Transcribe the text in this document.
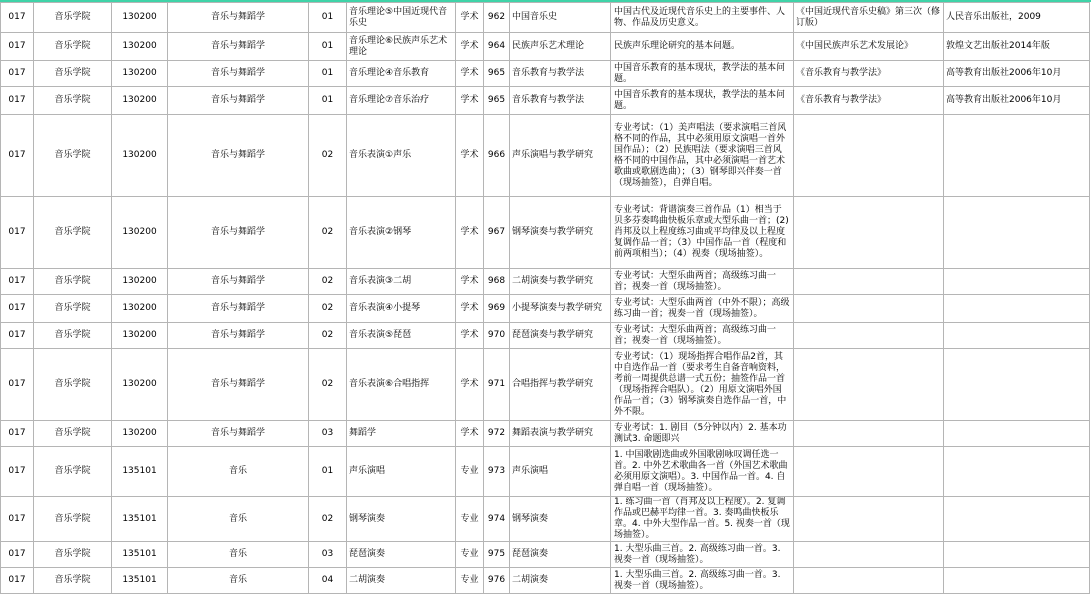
017	音乐学院	130200	音乐与舞蹈学	01	音乐理论⑤中国近现代音乐史	学术	962	中国音乐史	中国古代及近现代音乐史上的主要事件、人物、作品及历史意义。	《中国近现代音乐史稿》第三次（修订版）	人民音乐出版社，2009
017	音乐学院	130200	音乐与舞蹈学	01	音乐理论⑥民族声乐艺术理论	学术	964	民族声乐艺术理论	民族声乐理论研究的基本问题。	《中国民族声乐艺术发展论》	敦煌文艺出版社2014年版
017	音乐学院	130200	音乐与舞蹈学	01	音乐理论④音乐教育	学术	965	音乐教育与教学法	中国音乐教育的基本现状，教学法的基本问题。	《音乐教育与教学法》	高等教育出版社2006年10月
017	音乐学院	130200	音乐与舞蹈学	01	音乐理论⑦音乐治疗	学术	965	音乐教育与教学法	中国音乐教育的基本现状，教学法的基本问题。	《音乐教育与教学法》	高等教育出版社2006年10月
017	音乐学院	130200	音乐与舞蹈学	02	音乐表演①声乐	学术	966	声乐演唱与教学研究	专业考试：（1）美声唱法（要求演唱三首风格不同的作品，其中必须用原文演唱一首外国作品）；（2）民族唱法（要求演唱三首风格不同的中国作品，其中必须演唱一首艺术歌曲或歌剧选曲）；（3）钢琴即兴伴奏一首（现场抽签），自弹自唱。		
017	音乐学院	130200	音乐与舞蹈学	02	音乐表演②钢琴	学术	967	钢琴演奏与教学研究	专业考试：背谱演奏三首作品（1）相当于贝多芬奏鸣曲快板乐章或大型乐曲一首；(2)肖邦及以上程度练习曲或平均律及以上程度复调作品一首；（3）中国作品一首（程度和前两项相当）；（4）视奏（现场抽签）。		
017	音乐学院	130200	音乐与舞蹈学	02	音乐表演③二胡	学术	968	二胡演奏与教学研究	专业考试：大型乐曲两首；高级练习曲一首；视奏一首（现场抽签）。		
017	音乐学院	130200	音乐与舞蹈学	02	音乐表演④小提琴	学术	969	小提琴演奏与教学研究	专业考试：大型乐曲两首（中外不限）；高级练习曲一首；视奏一首（现场抽签）。		
017	音乐学院	130200	音乐与舞蹈学	02	音乐表演⑤琵琶	学术	970	琵琶演奏与教学研究	专业考试：大型乐曲两首；高级练习曲一首；视奏一首（现场抽签）。		
017	音乐学院	130200	音乐与舞蹈学	02	音乐表演⑥合唱指挥	学术	971	合唱指挥与教学研究	专业考试：（1）现场指挥合唱作品2首，其中自选作品一首（要求考生自备音响资料，考前一周提供总谱一式五份；抽签作品一首（现场指挥合唱队）。（2）用原文演唱外国作品一首；（3）钢琴演奏自选作品一首，中外不限。		
017	音乐学院	130200	音乐与舞蹈学	03	舞蹈学	学术	972	舞蹈表演与教学研究	专业考试：1. 剧目（5分钟以内）2. 基本功测试3. 命题即兴		
017	音乐学院	135101	音乐	01	声乐演唱	专业	973	声乐演唱	1. 中国歌剧选曲或外国歌剧咏叹调任选一首。2. 中外艺术歌曲各一首（外国艺术歌曲必须用原文演唱）。3. 中国作品一首。4. 自弹自唱一首（现场抽签）。		
017	音乐学院	135101	音乐	02	钢琴演奏	专业	974	钢琴演奏	1. 练习曲一首（肖邦及以上程度）。2. 复调作品或巴赫平均律一首。3. 奏鸣曲快板乐章。4. 中外大型作品一首。5. 视奏一首（现场抽签）。		
017	音乐学院	135101	音乐	03	琵琶演奏	专业	975	琵琶演奏	1. 大型乐曲三首。2. 高级练习曲一首。3. 视奏一首（现场抽签）。		
017	音乐学院	135101	音乐	04	二胡演奏	专业	976	二胡演奏	1. 大型乐曲三首。2. 高级练习曲一首。3. 视奏一首（现场抽签）。		
